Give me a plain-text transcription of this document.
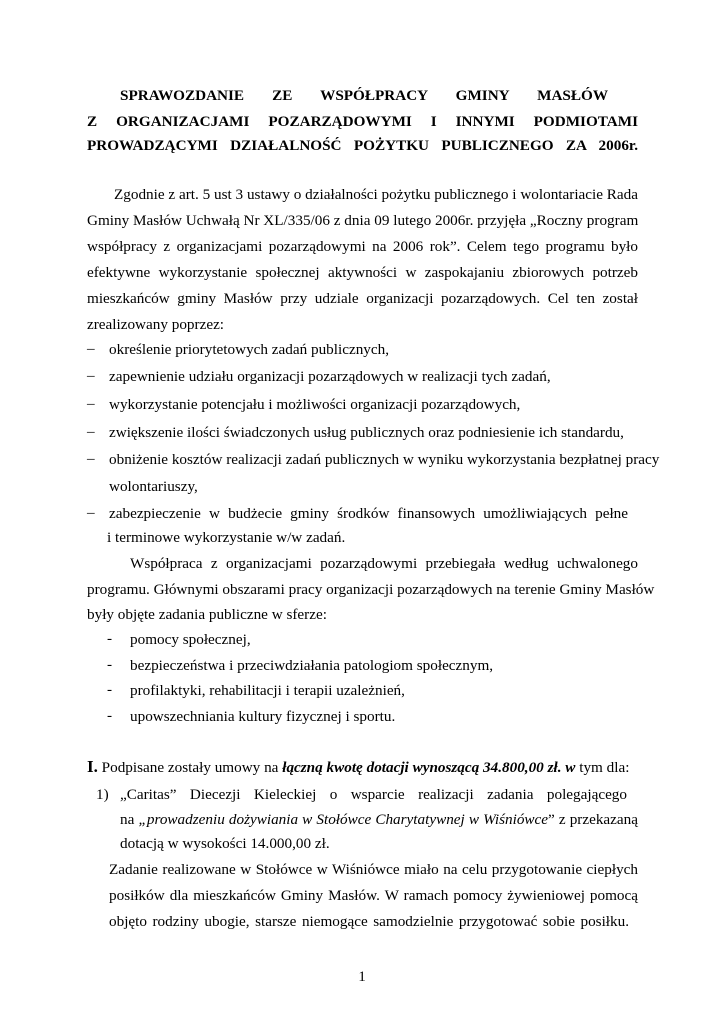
SPRAWOZDANIE ZE WSPÓŁPRACY GMINY MASŁÓW
Z ORGANIZACJAMI POZARZĄDOWYMI I INNYMI PODMIOTAMI
PROWADZĄCYMI DZIAŁALNOŚĆ POŻYTKU PUBLICZNEGO ZA 2006r.
Zgodnie z art. 5 ust 3 ustawy o działalności pożytku publicznego i wolontariacie Rada
Gminy Masłów Uchwałą Nr XL/335/06 z dnia 09 lutego 2006r. przyjęła „Roczny program
współpracy z organizacjami pozarządowymi na 2006 rok”. Celem tego programu było
efektywne wykorzystanie społecznej aktywności w zaspokajaniu zbiorowych potrzeb
mieszkańców gminy Masłów przy udziale organizacji pozarządowych. Cel ten został
zrealizowany poprzez:
– określenie priorytetowych zadań publicznych,
– zapewnienie udziału organizacji pozarządowych w realizacji tych zadań,
– wykorzystanie potencjału i możliwości organizacji pozarządowych,
– zwiększenie ilości świadczonych usług publicznych oraz podniesienie ich standardu,
– obniżenie kosztów realizacji zadań publicznych w wyniku wykorzystania bezpłatnej pracy
wolontariuszy,
– zabezpieczenie w budżecie gminy środków finansowych umożliwiających pełne
i terminowe wykorzystanie w/w zadań.
Współpraca z organizacjami pozarządowymi przebiegała według uchwalonego
programu. Głównymi obszarami pracy organizacji pozarządowych na terenie Gminy Masłów
były objęte zadania publiczne w sferze:
- pomocy społecznej,
- bezpieczeństwa i przeciwdziałania patologiom społecznym,
- profilaktyki, rehabilitacji i terapii uzależnień,
- upowszechniania kultury fizycznej i sportu.
I. Podpisane zostały umowy na łączną kwotę dotacji wynoszącą 34.800,00 zł. w tym dla:
1) „Caritas” Diecezji Kieleckiej o wsparcie realizacji zadania polegającego
na „prowadzeniu dożywiania w Stołówce Charytatywnej w Wiśniówce” z przekazaną
dotacją w wysokości 14.000,00 zł.
Zadanie realizowane w Stołówce w Wiśniówce miało na celu przygotowanie ciepłych
posiłków dla mieszkańców Gminy Masłów. W ramach pomocy żywieniowej pomocą
objęto rodziny ubogie, starsze niemogące samodzielnie przygotować sobie posiłku.
1
